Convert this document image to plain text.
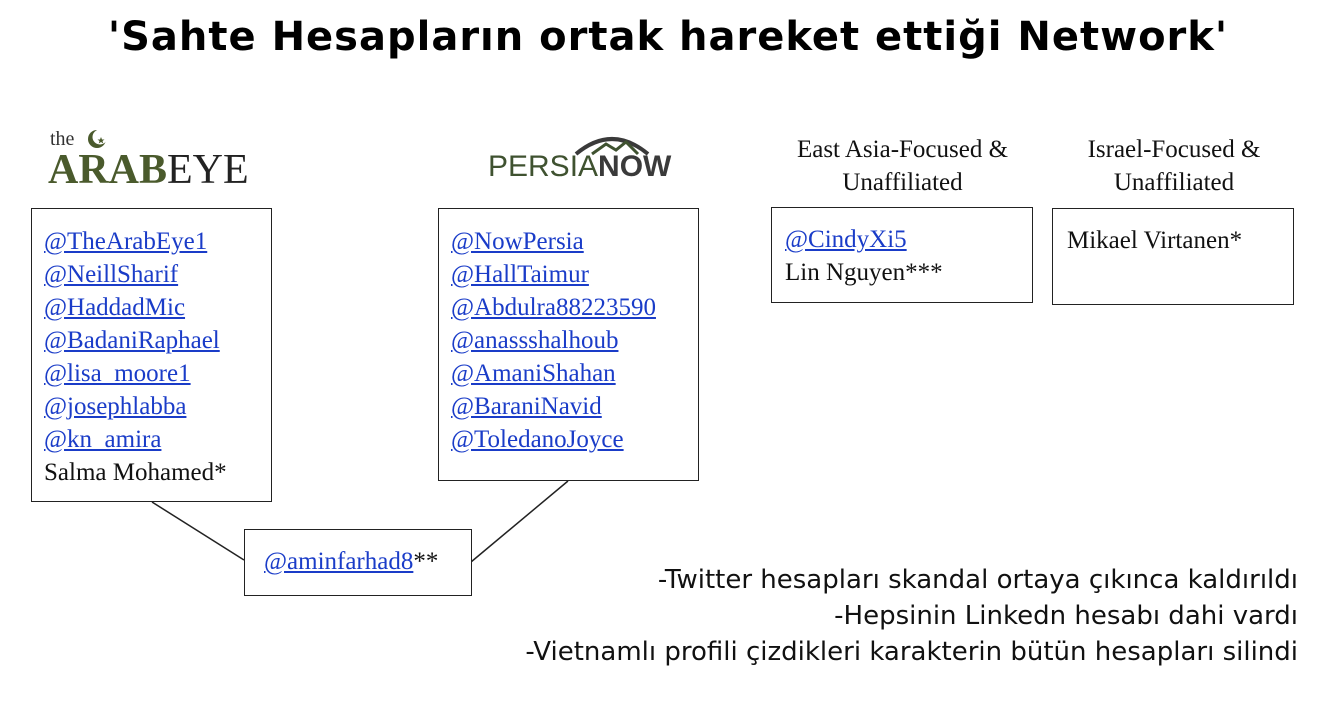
'Sahte Hesapların ortak hareket ettiği Network'
the
ARABEYE	PERSIANOW
East Asia-Focused &
Unaffiliated
Israel-Focused &
Unaffiliated
@TheArabEye1
@NeillSharif
@HaddadMic
@BadaniRaphael
@lisa_moore1
@josephlabba
@kn_amira
Salma Mohamed*
@NowPersia
@HallTaimur
@Abdulra88223590
@anassshalhoub
@AmaniShahan
@BaraniNavid
@ToledanoJoyce
@CindyXi5
Lin Nguyen***
Mikael Virtanen*
@aminfarhad8**
-Twitter hesapları skandal ortaya çıkınca kaldırıldı
-Hepsinin Linkedn hesabı dahi vardı
-Vietnamlı profili çizdikleri karakterin bütün hesapları silindi
